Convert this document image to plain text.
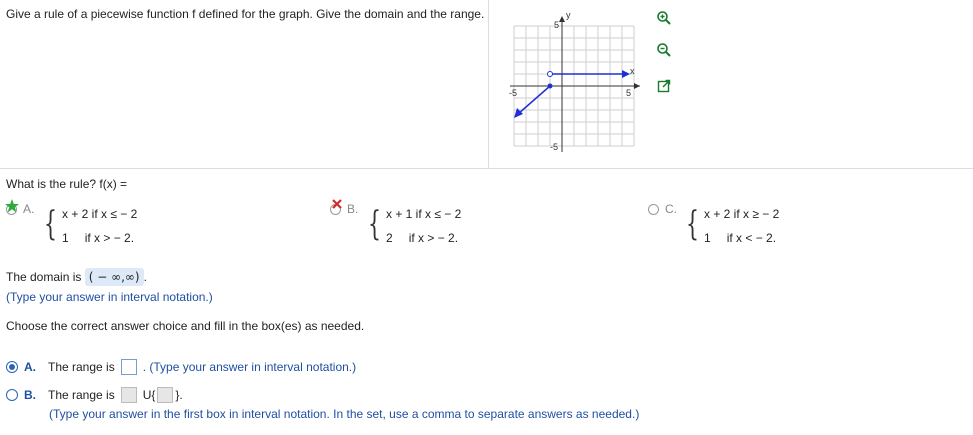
Give a rule of a piecewise function f defined for the graph. Give the domain and the range.	y
x
5
-5
-5	5
What is the rule? f(x) =
A. { x + 2 if x ≤ − 2
1 if x > − 2.
B. { x + 1 if x ≤ − 2
2 if x > − 2.
C. { x + 2 if x ≥ − 2
1 if x < − 2.
The domain is ( − ∞,∞) .
(Type your answer in interval notation.)
Choose the correct answer choice and fill in the box(es) as needed.
A. The range is . (Type your answer in interval notation.)
B. The range is U{ }.
(Type your answer in the first box in interval notation. In the set, use a comma to separate answers as needed.)
